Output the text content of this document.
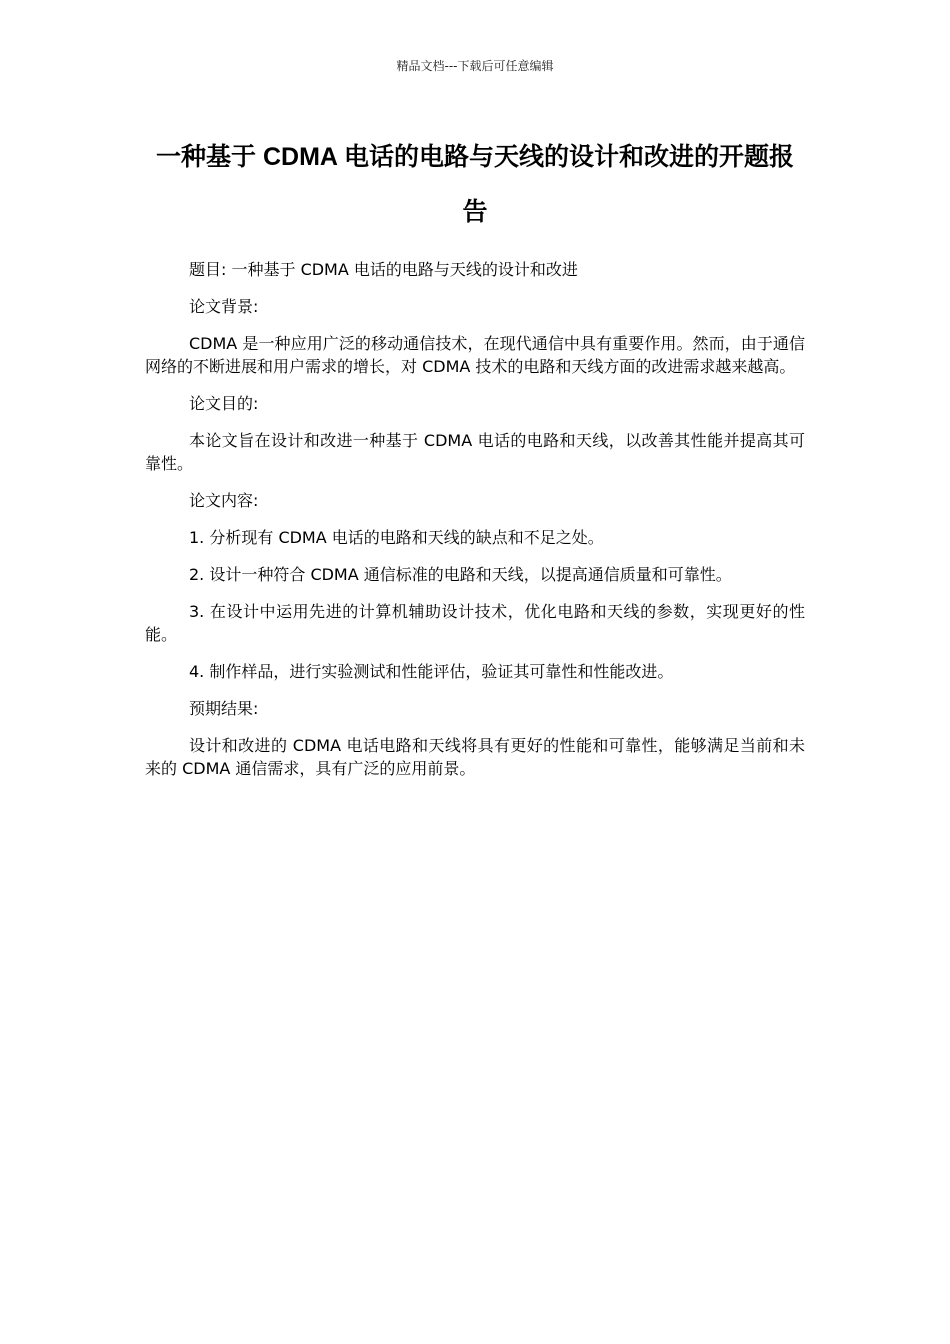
精品文档---下载后可任意编辑
一种基于 CDMA 电话的电路与天线的设计和改进的开题报告

题目: 一种基于 CDMA 电话的电路与天线的设计和改进

论文背景:

CDMA 是一种应用广泛的移动通信技术，在现代通信中具有重要作用。然而，由于通信网络的不断进展和用户需求的增长，对 CDMA 技术的电路和天线方面的改进需求越来越高。

论文目的:

本论文旨在设计和改进一种基于 CDMA 电话的电路和天线，以改善其性能并提高其可靠性。

论文内容:

1. 分析现有 CDMA 电话的电路和天线的缺点和不足之处。

2. 设计一种符合 CDMA 通信标准的电路和天线，以提高通信质量和可靠性。

3. 在设计中运用先进的计算机辅助设计技术，优化电路和天线的参数，实现更好的性能。

4. 制作样品，进行实验测试和性能评估，验证其可靠性和性能改进。

预期结果:

设计和改进的 CDMA 电话电路和天线将具有更好的性能和可靠性，能够满足当前和未来的 CDMA 通信需求，具有广泛的应用前景。
